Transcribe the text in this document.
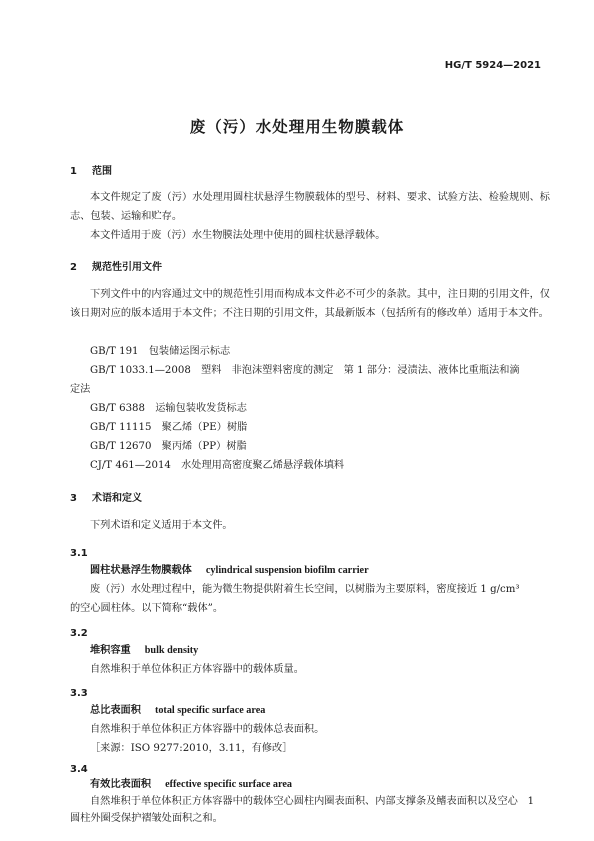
HG/T 5924—2021
废（污）水处理用生物膜载体
1 范围
本文件规定了废（污）水处理用圆柱状悬浮生物膜载体的型号、材料、要求、试验方法、检验规则、标志、包装、运输和贮存。
本文件适用于废（污）水生物膜法处理中使用的圆柱状悬浮载体。
2 规范性引用文件
下列文件中的内容通过文中的规范性引用而构成本文件必不可少的条款。其中，注日期的引用文件，仅该日期对应的版本适用于本文件；不注日期的引用文件，其最新版本（包括所有的修改单）适用于本文件。
GB/T 191　包装储运图示标志
GB/T 1033.1—2008　塑料　非泡沫塑料密度的测定　第 1 部分：浸渍法、液体比重瓶法和滴
定法
GB/T 6388　运输包装收发货标志
GB/T 11115　聚乙烯（PE）树脂
GB/T 12670　聚丙烯（PP）树脂
CJ/T 461—2014　水处理用高密度聚乙烯悬浮载体填料
3 术语和定义
下列术语和定义适用于本文件。
3.1
圆柱状悬浮生物膜载体 cylindrical suspension biofilm carrier
废（污）水处理过程中，能为微生物提供附着生长空间，以树脂为主要原料，密度接近 1 g/cm³
的空心圆柱体。以下简称“载体”。
3.2
堆积容重 bulk density
自然堆积于单位体积正方体容器中的载体质量。
3.3
总比表面积 total specific surface area
自然堆积于单位体积正方体容器中的载体总表面积。
［来源：ISO 9277:2010，3.11，有修改］
3.4
有效比表面积 effective specific surface area
自然堆积于单位体积正方体容器中的载体空心圆柱内圈表面积、内部支撑条及鳍表面积以及空心
圆柱外圈受保护褶皱处面积之和。
1
